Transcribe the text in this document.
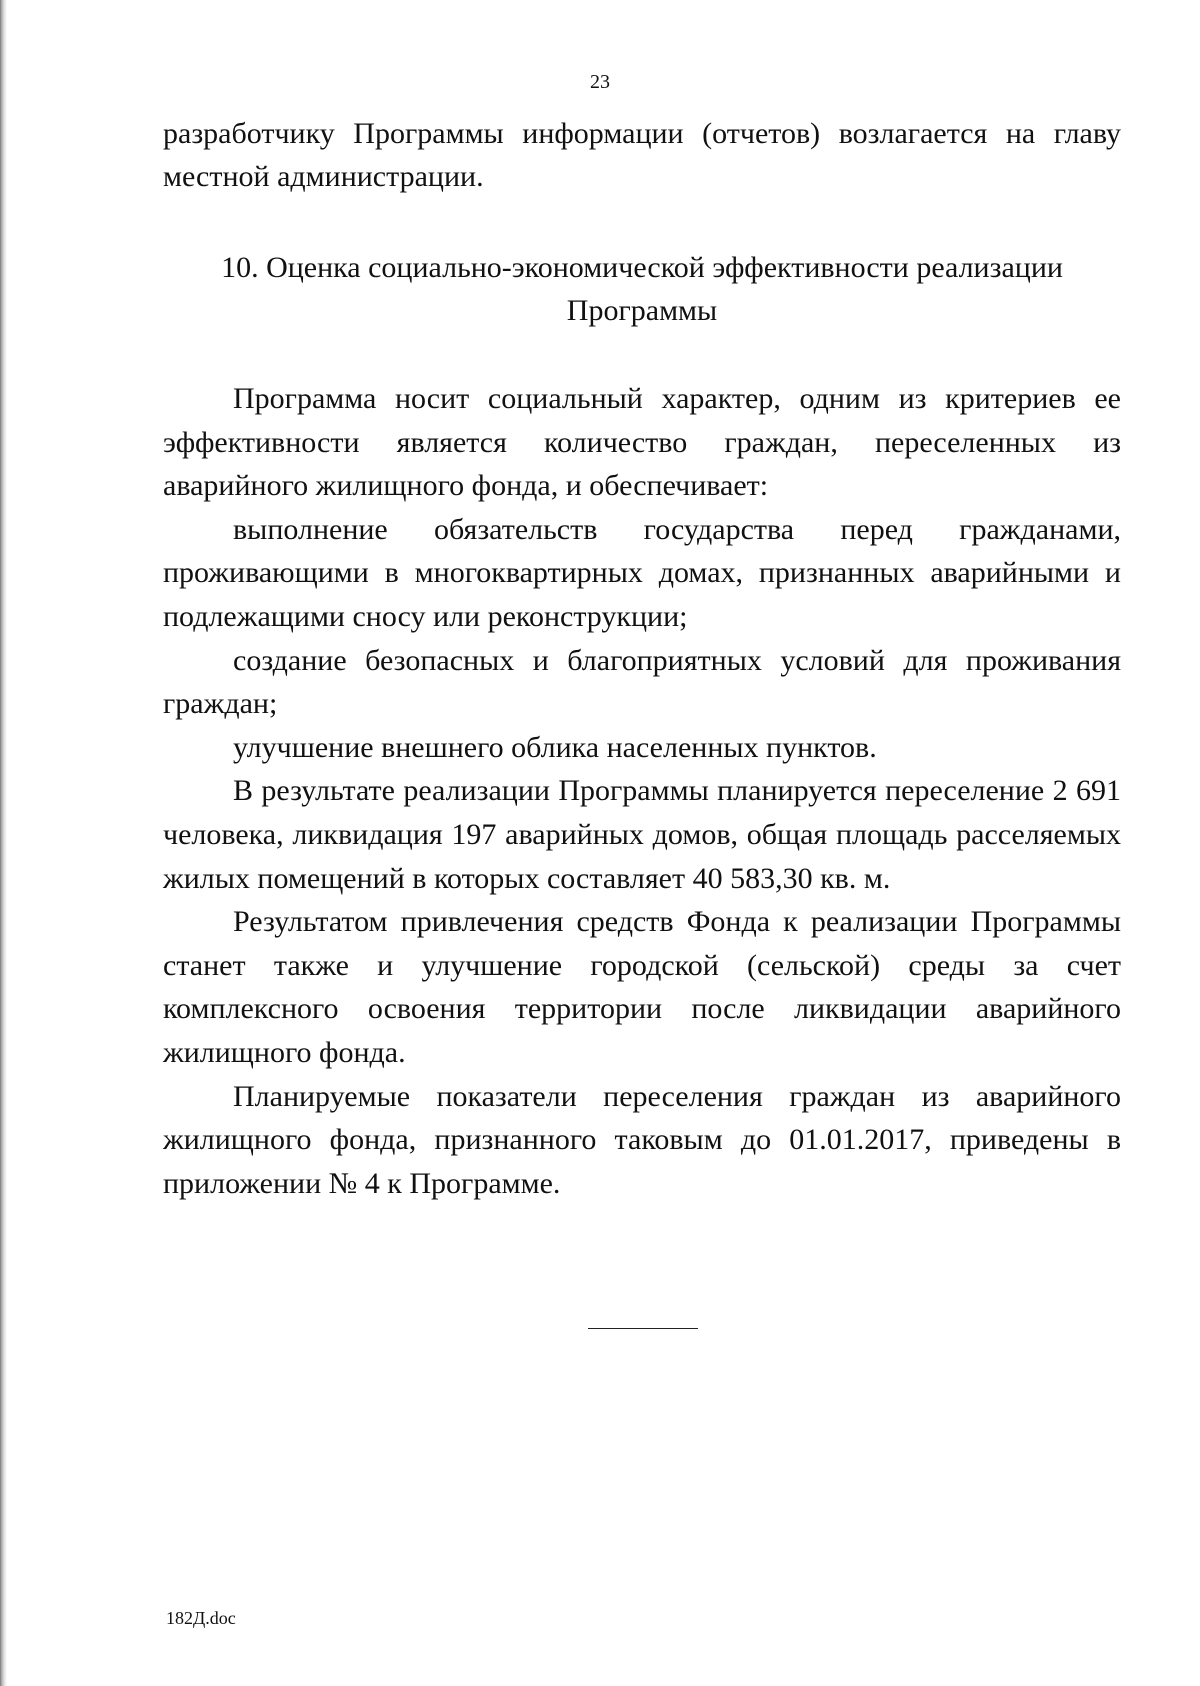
23

разработчику Программы информации (отчетов) возлагается на главу местной администрации.

10. Оценка социально-экономической эффективности реализации
Программы

Программа носит социальный характер, одним из критериев ее эффективности является количество граждан, переселенных из аварийного жилищного фонда, и обеспечивает:

выполнение обязательств государства перед гражданами, проживающими в многоквартирных домах, признанных аварийными и подлежащими сносу или реконструкции;

создание безопасных и благоприятных условий для проживания граждан;

улучшение внешнего облика населенных пунктов.

В результате реализации Программы планируется переселение 2 691 человека, ликвидация 197 аварийных домов, общая площадь расселяемых жилых помещений в которых составляет 40 583,30 кв. м.

Результатом привлечения средств Фонда к реализации Программы станет также и улучшение городской (сельской) среды за счет комплексного освоения территории после ликвидации аварийного жилищного фонда.

Планируемые показатели переселения граждан из аварийного жилищного фонда, признанного таковым до 01.01.2017, приведены в приложении № 4 к Программе.

182Д.doc
